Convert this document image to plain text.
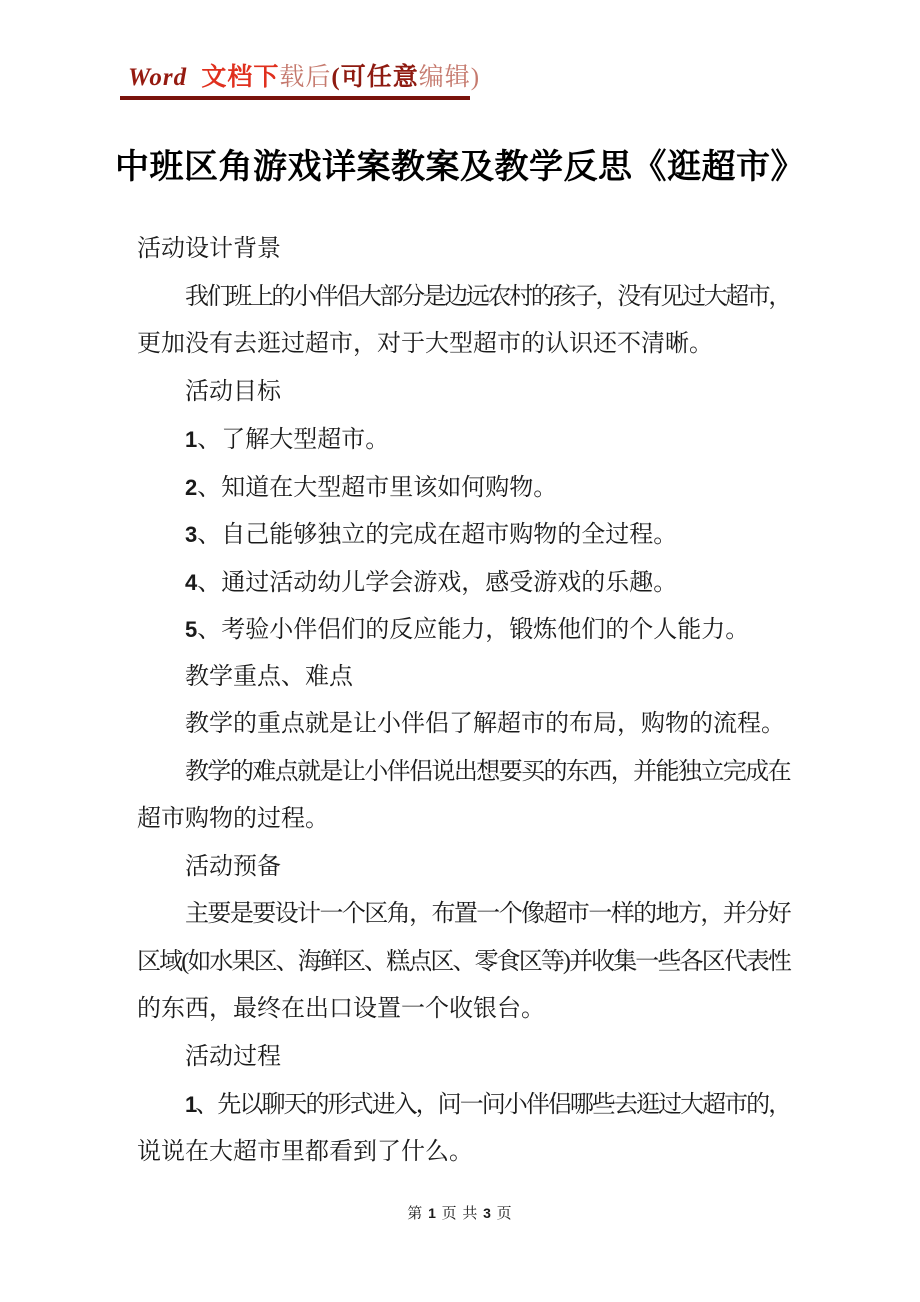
Word 文档下载后(可任意编辑)
中班区角游戏详案教案及教学反思《逛超市》
活动设计背景
我们班上的小伴侣大部分是边远农村的孩子，没有见过大超市，
更加没有去逛过超市，对于大型超市的认识还不清晰。
活动目标
1、了解大型超市。
2、知道在大型超市里该如何购物。
3、自己能够独立的完成在超市购物的全过程。
4、通过活动幼儿学会游戏，感受游戏的乐趣。
5、考验小伴侣们的反应能力，锻炼他们的个人能力。
教学重点、难点
教学的重点就是让小伴侣了解超市的布局，购物的流程。
教学的难点就是让小伴侣说出想要买的东西，并能独立完成在
超市购物的过程。
活动预备
主要是要设计一个区角，布置一个像超市一样的地方，并分好
区域(如水果区、海鲜区、糕点区、零食区等)并收集一些各区代表性
的东西，最终在出口设置一个收银台。
活动过程
1、先以聊天的形式进入，问一问小伴侣哪些去逛过大超市的，
说说在大超市里都看到了什么。
第 1 页 共 3 页
